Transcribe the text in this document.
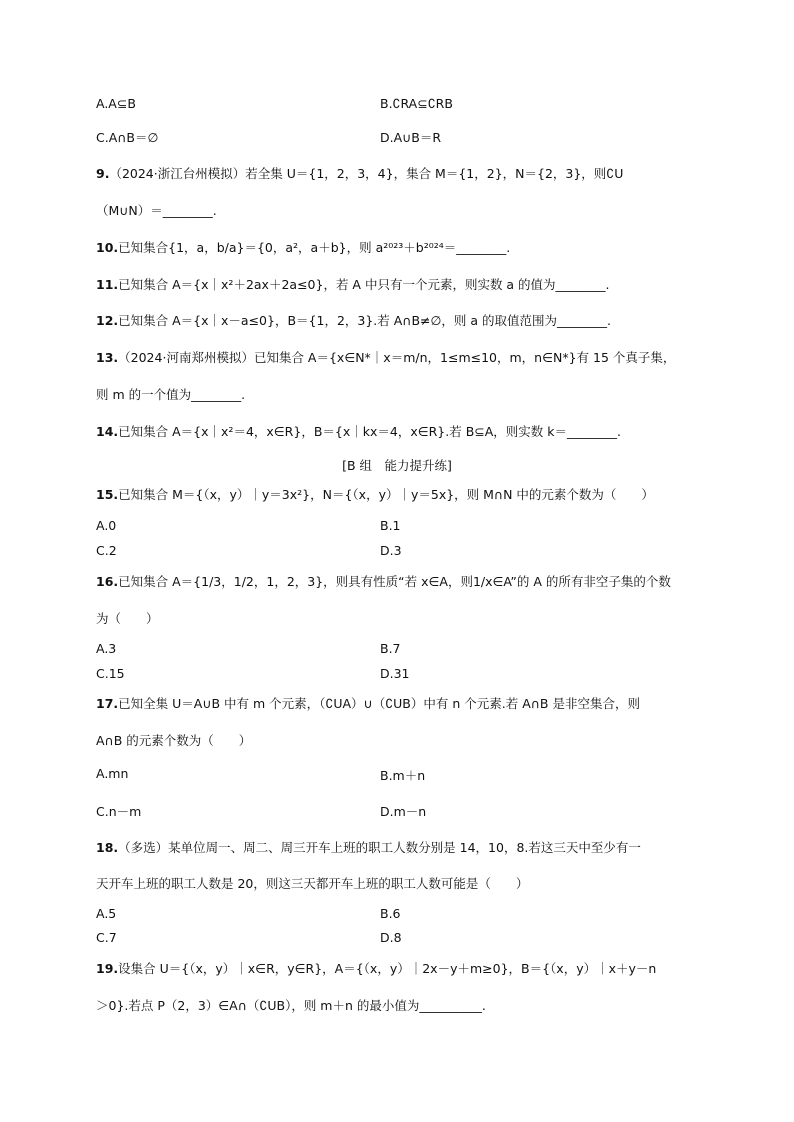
A.A⊆B	B.∁RA⊆∁RB
C.A∩B＝∅	D.A∪B＝R
9.（2024·浙江台州模拟）若全集 U＝{1，2，3，4}，集合 M＝{1，2}，N＝{2，3}，则∁U
（M∪N）＝________.
10.已知集合{1，a，b/a}＝{0，a²，a＋b}，则 a²⁰²³＋b²⁰²⁴＝________.
11.已知集合 A＝{x｜x²＋2ax＋2a≤0}，若 A 中只有一个元素，则实数 a 的值为________.
12.已知集合 A＝{x｜x－a≤0}，B＝{1，2，3}.若 A∩B≠∅，则 a 的取值范围为________.
13.（2024·河南郑州模拟）已知集合 A＝{x∈N*｜x＝m/n，1≤m≤10，m，n∈N*}有 15 个真子集，
则 m 的一个值为________.
14.已知集合 A＝{x｜x²＝4，x∈R}，B＝{x｜kx＝4，x∈R}.若 B⊆A，则实数 k＝________.
[B 组　能力提升练]
15.已知集合 M＝{（x，y）｜y＝3x²}，N＝{（x，y）｜y＝5x}，则 M∩N 中的元素个数为（　　）
A.0	B.1
C.2	D.3
16.已知集合 A＝{1/3，1/2，1，2，3}，则具有性质“若 x∈A，则1/x∈A”的 A 的所有非空子集的个数
为（　　）
A.3	B.7
C.15	D.31
17.已知全集 U＝A∪B 中有 m 个元素，（∁UA）∪（∁UB）中有 n 个元素.若 A∩B 是非空集合，则
A∩B 的元素个数为（　　）
A.mn	B.m＋n
C.n－m	D.m－n
18.（多选）某单位周一、周二、周三开车上班的职工人数分别是 14，10，8.若这三天中至少有一
天开车上班的职工人数是 20，则这三天都开车上班的职工人数可能是（　　）
A.5	B.6
C.7	D.8
19.设集合 U＝{（x，y）｜x∈R，y∈R}，A＝{（x，y）｜2x－y＋m≥0}，B＝{（x，y）｜x＋y－n
＞0}.若点 P（2，3）∈A∩（∁UB），则 m＋n 的最小值为__________.
